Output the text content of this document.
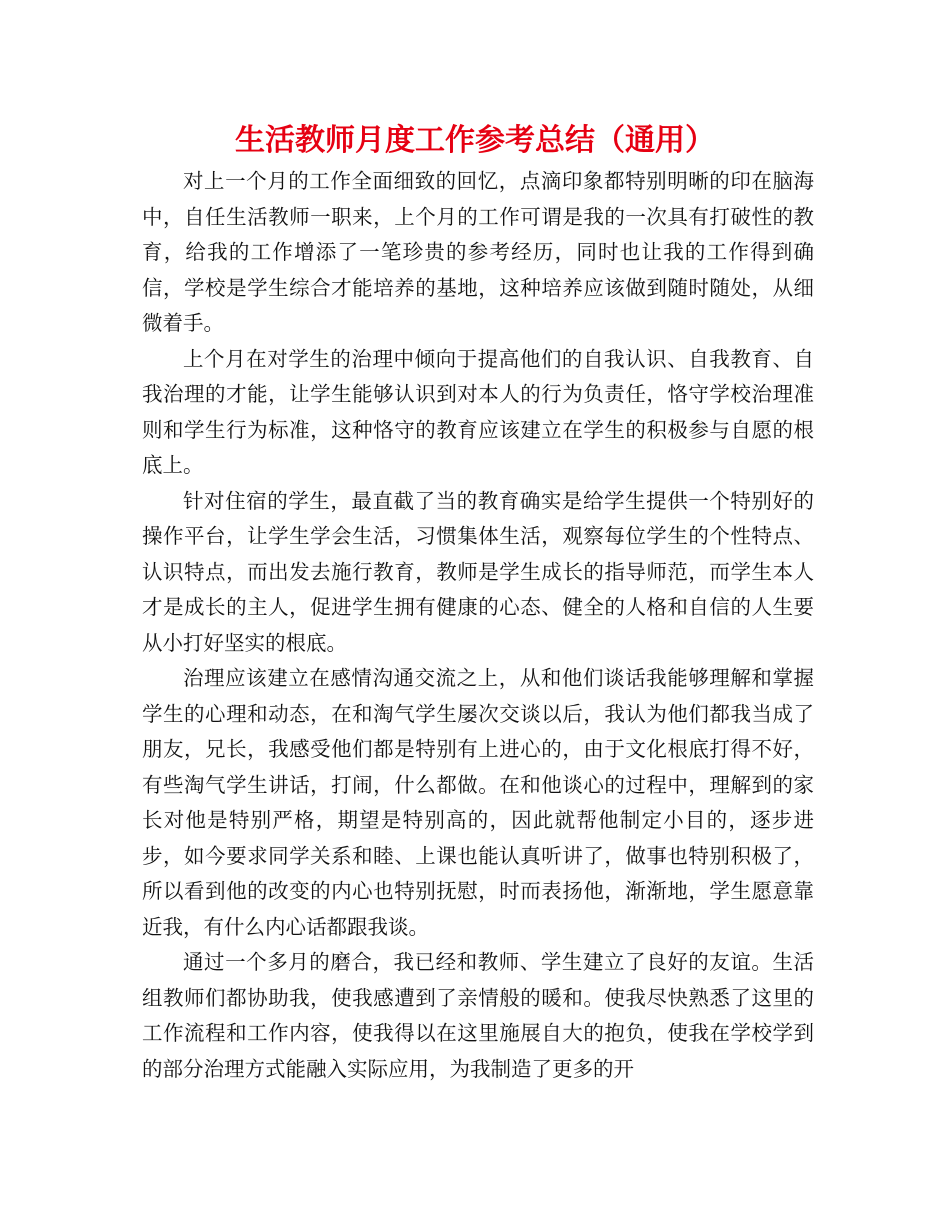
生活教师月度工作参考总结（通用）

对上一个月的工作全面细致的回忆，点滴印象都特别明晰的印在脑海中，自任生活教师一职来，上个月的工作可谓是我的一次具有打破性的教育，给我的工作增添了一笔珍贵的参考经历，同时也让我的工作得到确信，学校是学生综合才能培养的基地，这种培养应该做到随时随处，从细微着手。

上个月在对学生的治理中倾向于提高他们的自我认识、自我教育、自我治理的才能，让学生能够认识到对本人的行为负责任，恪守学校治理准则和学生行为标准，这种恪守的教育应该建立在学生的积极参与自愿的根底上。

针对住宿的学生，最直截了当的教育确实是给学生提供一个特别好的操作平台，让学生学会生活，习惯集体生活，观察每位学生的个性特点、认识特点，而出发去施行教育，教师是学生成长的指导师范，而学生本人才是成长的主人，促进学生拥有健康的心态、健全的人格和自信的人生要从小打好坚实的根底。

治理应该建立在感情沟通交流之上，从和他们谈话我能够理解和掌握学生的心理和动态，在和淘气学生屡次交谈以后，我认为他们都我当成了朋友，兄长，我感受他们都是特别有上进心的，由于文化根底打得不好，有些淘气学生讲话，打闹，什么都做。在和他谈心的过程中，理解到的家长对他是特别严格，期望是特别高的，因此就帮他制定小目的，逐步进步，如今要求同学关系和睦、上课也能认真听讲了，做事也特别积极了，所以看到他的改变的内心也特别抚慰，时而表扬他，渐渐地，学生愿意靠近我，有什么内心话都跟我谈。

通过一个多月的磨合，我已经和教师、学生建立了良好的友谊。生活组教师们都协助我，使我感遭到了亲情般的暖和。使我尽快熟悉了这里的工作流程和工作内容，使我得以在这里施展自大的抱负，使我在学校学到的部分治理方式能融入实际应用，为我制造了更多的开
